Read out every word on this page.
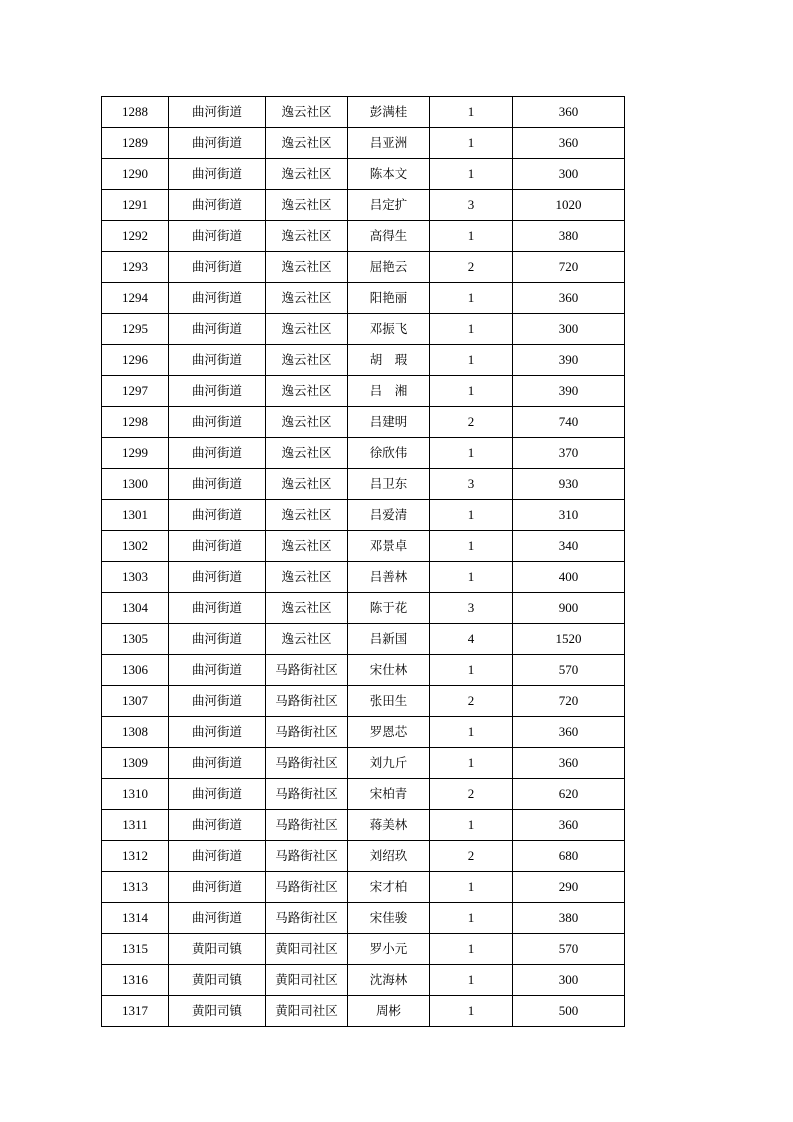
1288	曲河街道	逸云社区	彭满桂	1	360
1289	曲河街道	逸云社区	吕亚洲	1	360
1290	曲河街道	逸云社区	陈本文	1	300
1291	曲河街道	逸云社区	吕定扩	3	1020
1292	曲河街道	逸云社区	高得生	1	380
1293	曲河街道	逸云社区	屈艳云	2	720
1294	曲河街道	逸云社区	阳艳丽	1	360
1295	曲河街道	逸云社区	邓振飞	1	300
1296	曲河街道	逸云社区	胡　瑕	1	390
1297	曲河街道	逸云社区	吕　湘	1	390
1298	曲河街道	逸云社区	吕建明	2	740
1299	曲河街道	逸云社区	徐欣伟	1	370
1300	曲河街道	逸云社区	吕卫东	3	930
1301	曲河街道	逸云社区	吕爱清	1	310
1302	曲河街道	逸云社区	邓景卓	1	340
1303	曲河街道	逸云社区	吕善林	1	400
1304	曲河街道	逸云社区	陈于花	3	900
1305	曲河街道	逸云社区	吕新国	4	1520
1306	曲河街道	马路街社区	宋仕林	1	570
1307	曲河街道	马路街社区	张田生	2	720
1308	曲河街道	马路街社区	罗恩芯	1	360
1309	曲河街道	马路街社区	刘九斤	1	360
1310	曲河街道	马路街社区	宋柏青	2	620
1311	曲河街道	马路街社区	蒋美林	1	360
1312	曲河街道	马路街社区	刘绍玖	2	680
1313	曲河街道	马路街社区	宋才柏	1	290
1314	曲河街道	马路街社区	宋佳骏	1	380
1315	黄阳司镇	黄阳司社区	罗小元	1	570
1316	黄阳司镇	黄阳司社区	沈海林	1	300
1317	黄阳司镇	黄阳司社区	周彬	1	500
